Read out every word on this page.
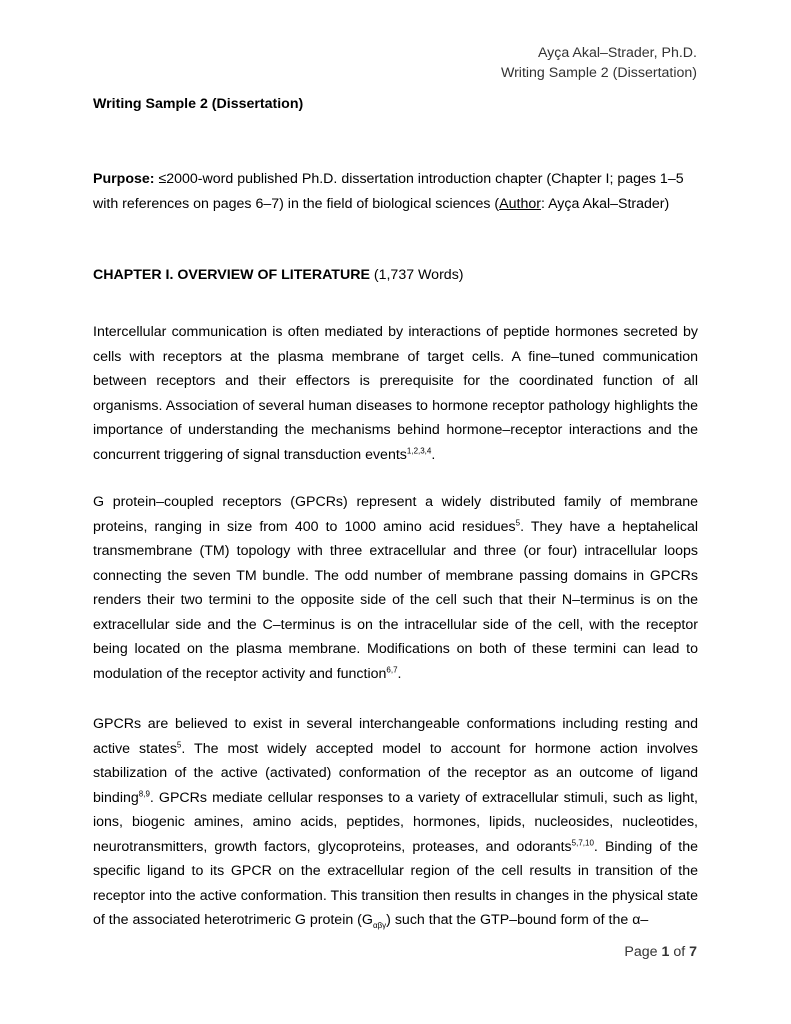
Ayça Akal–Strader, Ph.D.
Writing Sample 2 (Dissertation)
Writing Sample 2 (Dissertation)
Purpose: ≤2000-word published Ph.D. dissertation introduction chapter (Chapter I; pages 1–5 with references on pages 6–7) in the field of biological sciences (Author: Ayça Akal–Strader)
CHAPTER I. OVERVIEW OF LITERATURE (1,737 Words)
Intercellular communication is often mediated by interactions of peptide hormones secreted by cells with receptors at the plasma membrane of target cells. A fine–tuned communication between receptors and their effectors is prerequisite for the coordinated function of all organisms. Association of several human diseases to hormone receptor pathology highlights the importance of understanding the mechanisms behind hormone–receptor interactions and the concurrent triggering of signal transduction events$^{1,2,3,4}$.
G protein–coupled receptors (GPCRs) represent a widely distributed family of membrane proteins, ranging in size from 400 to 1000 amino acid residues$^5$. They have a heptahelical transmembrane (TM) topology with three extracellular and three (or four) intracellular loops connecting the seven TM bundle. The odd number of membrane passing domains in GPCRs renders their two termini to the opposite side of the cell such that their N–terminus is on the extracellular side and the C–terminus is on the intracellular side of the cell, with the receptor being located on the plasma membrane. Modifications on both of these termini can lead to modulation of the receptor activity and function$^{6,7}$.
GPCRs are believed to exist in several interchangeable conformations including resting and active states$^5$. The most widely accepted model to account for hormone action involves stabilization of the active (activated) conformation of the receptor as an outcome of ligand binding$^{8,9}$. GPCRs mediate cellular responses to a variety of extracellular stimuli, such as light, ions, biogenic amines, amino acids, peptides, hormones, lipids, nucleosides, nucleotides, neurotransmitters, growth factors, glycoproteins, proteases, and odorants$^{5,7,10}$. Binding of the specific ligand to its GPCR on the extracellular region of the cell results in transition of the receptor into the active conformation. This transition then results in changes in the physical state of the associated heterotrimeric G protein $(G_{\alpha\beta\gamma})$ such that the GTP–bound form of the α–
Page 1 of 7
